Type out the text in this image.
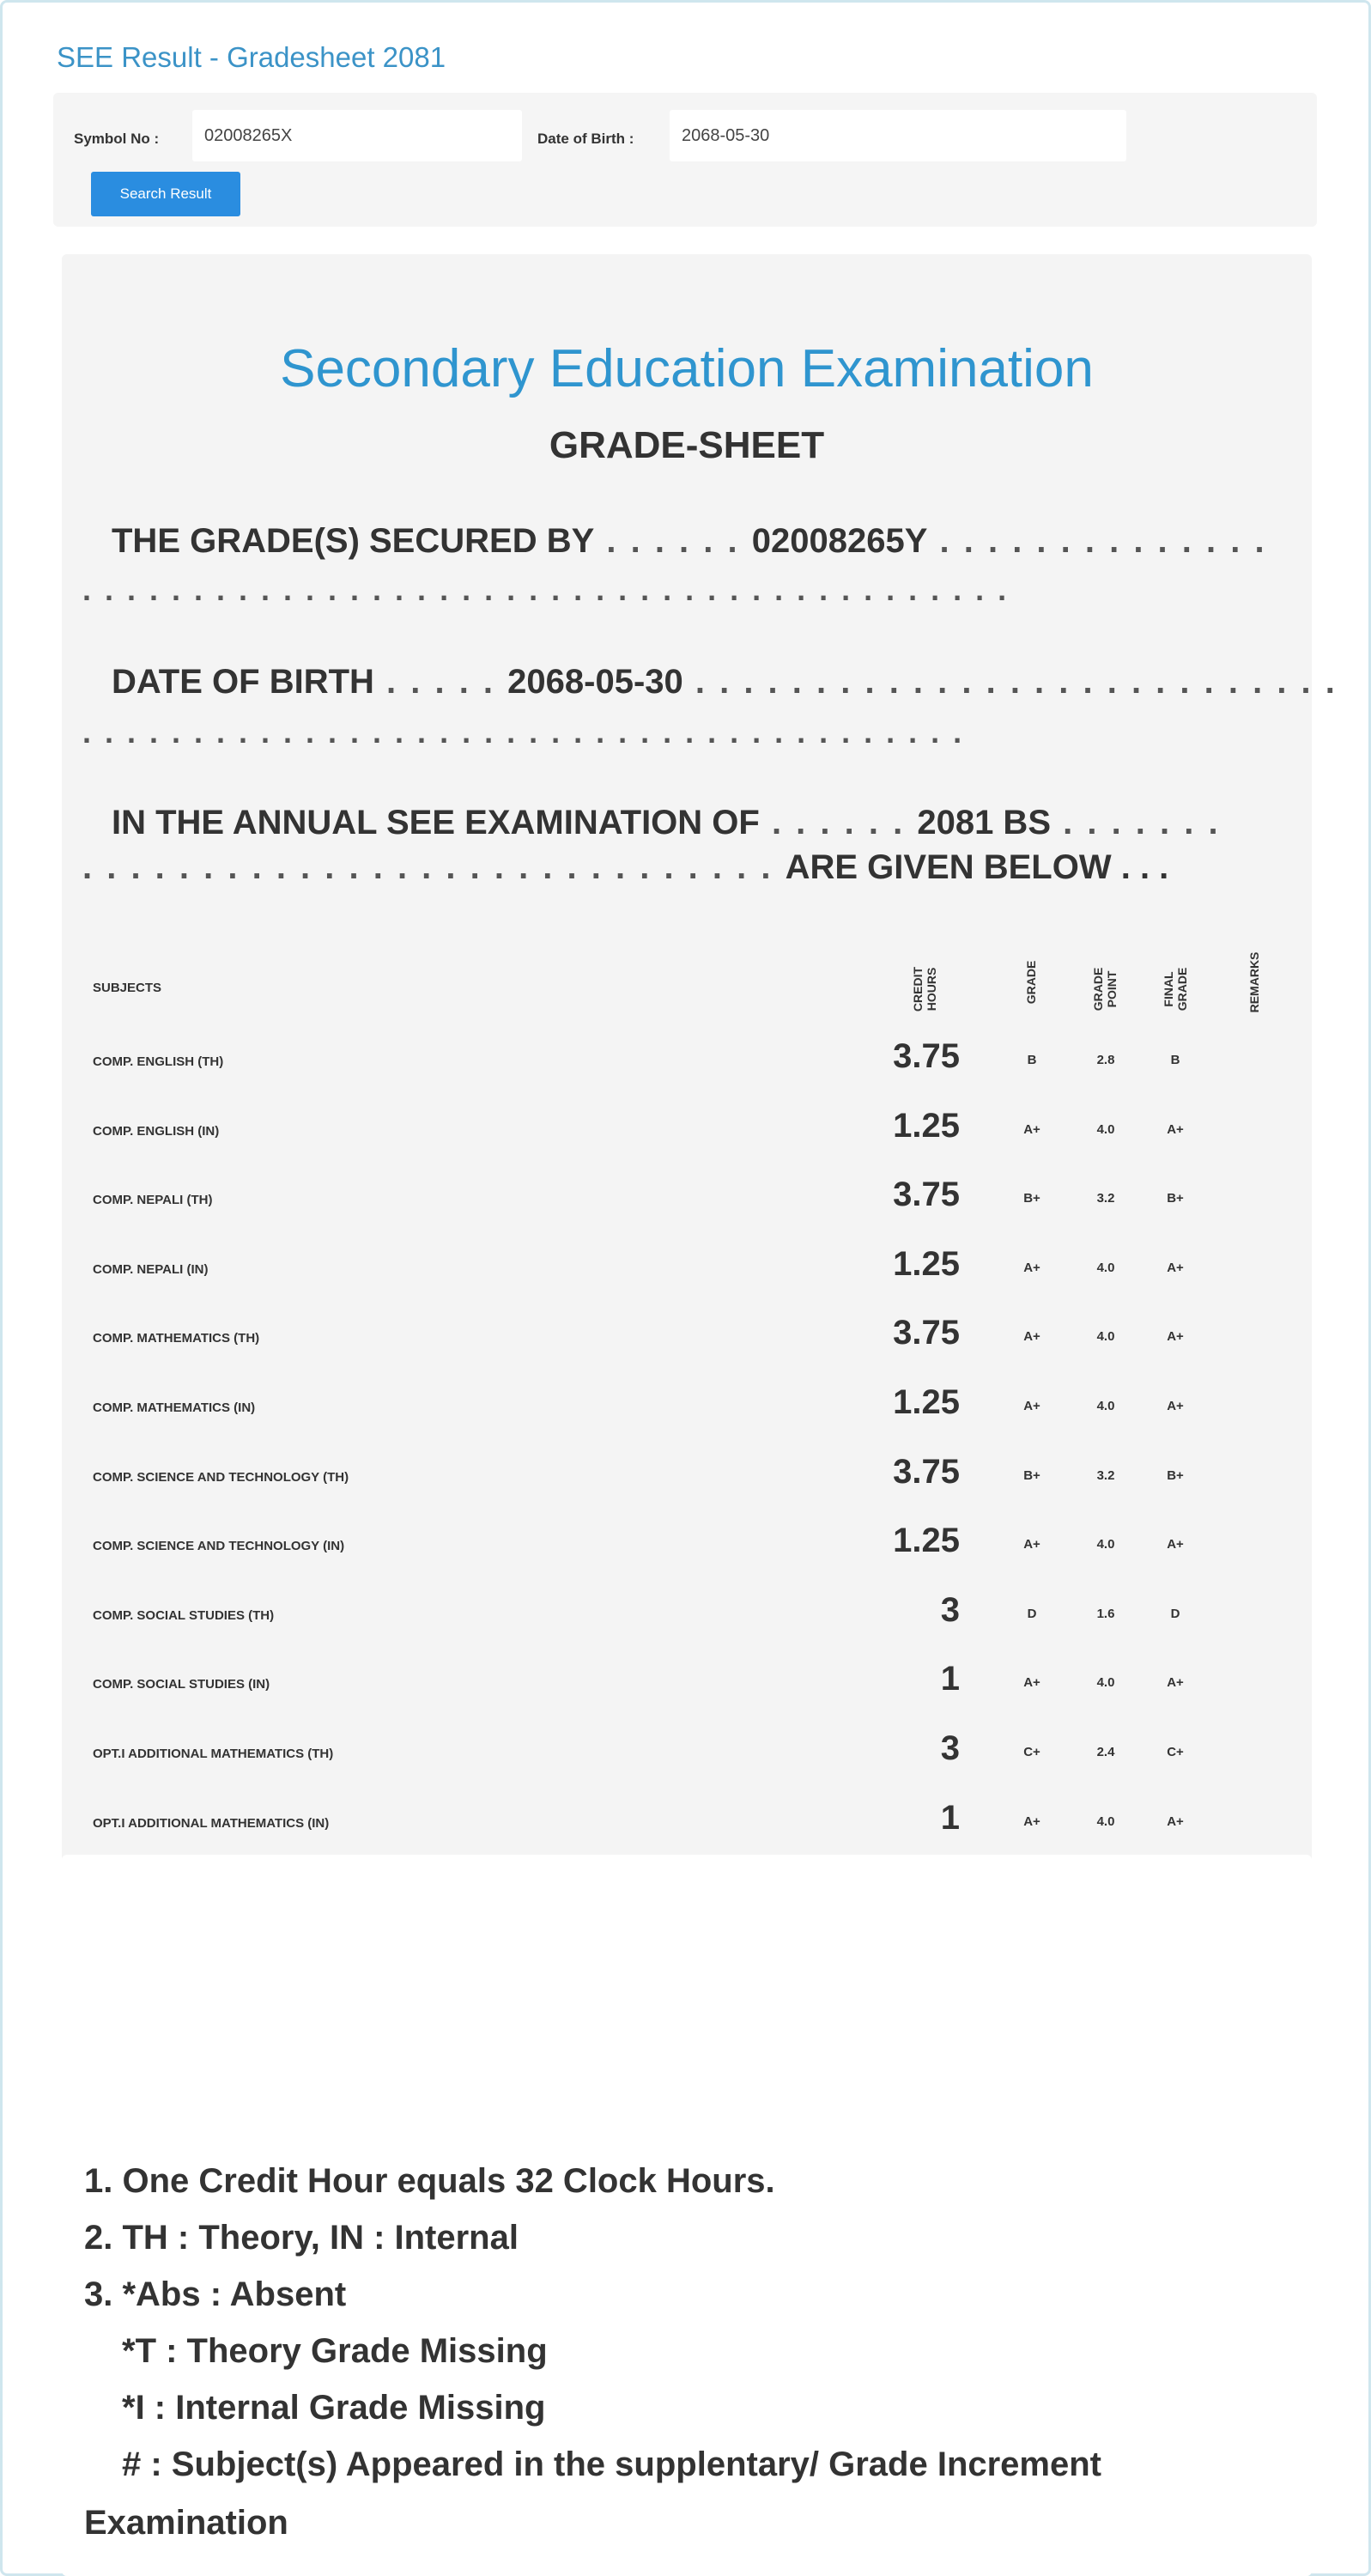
SEE Result - Gradesheet 2081
Symbol No :	02008265X	Date of Birth :	2068-05-30
Search Result
Secondary Education Examination
GRADE-SHEET
THE GRADE(S) SECURED BY . . . . . . 02008265Y . . . . . . . . . . . . . .
. . . . . . . . . . . . . . . . . . . . . . . . . . . . . . . . . . . . . . . . . .
DATE OF BIRTH . . . . . 2068-05-30 . . . . . . . . . . . . . . . . . . . . . . . . . . .
. . . . . . . . . . . . . . . . . . . . . . . . . . . . . . . . . . . . . . . .
IN THE ANNUAL SEE EXAMINATION OF . . . . . . 2081 BS . . . . . . .
. . . . . . . . . . . . . . . . . . . . . . . . . . . . . ARE GIVEN BELOW . . .
SUBJECTS	CREDIT HOURS	GRADE	GRADE POINT	FINAL GRADE	REMARKS
COMP. ENGLISH (TH)	3.75	B	2.8	B
COMP. ENGLISH (IN)	1.25	A+	4.0	A+
COMP. NEPALI (TH)	3.75	B+	3.2	B+
COMP. NEPALI (IN)	1.25	A+	4.0	A+
COMP. MATHEMATICS (TH)	3.75	A+	4.0	A+
COMP. MATHEMATICS (IN)	1.25	A+	4.0	A+
COMP. SCIENCE AND TECHNOLOGY (TH)	3.75	B+	3.2	B+
COMP. SCIENCE AND TECHNOLOGY (IN)	1.25	A+	4.0	A+
COMP. SOCIAL STUDIES (TH)	3	D	1.6	D
COMP. SOCIAL STUDIES (IN)	1	A+	4.0	A+
OPT.I ADDITIONAL MATHEMATICS (TH)	3	C+	2.4	C+
OPT.I ADDITIONAL MATHEMATICS (IN)	1	A+	4.0	A+
1. One Credit Hour equals 32 Clock Hours.
2. TH : Theory, IN : Internal
3. *Abs : Absent
*T : Theory Grade Missing
*I : Internal Grade Missing
# : Subject(s) Appeared in the supplentary/ Grade Increment
Examination
